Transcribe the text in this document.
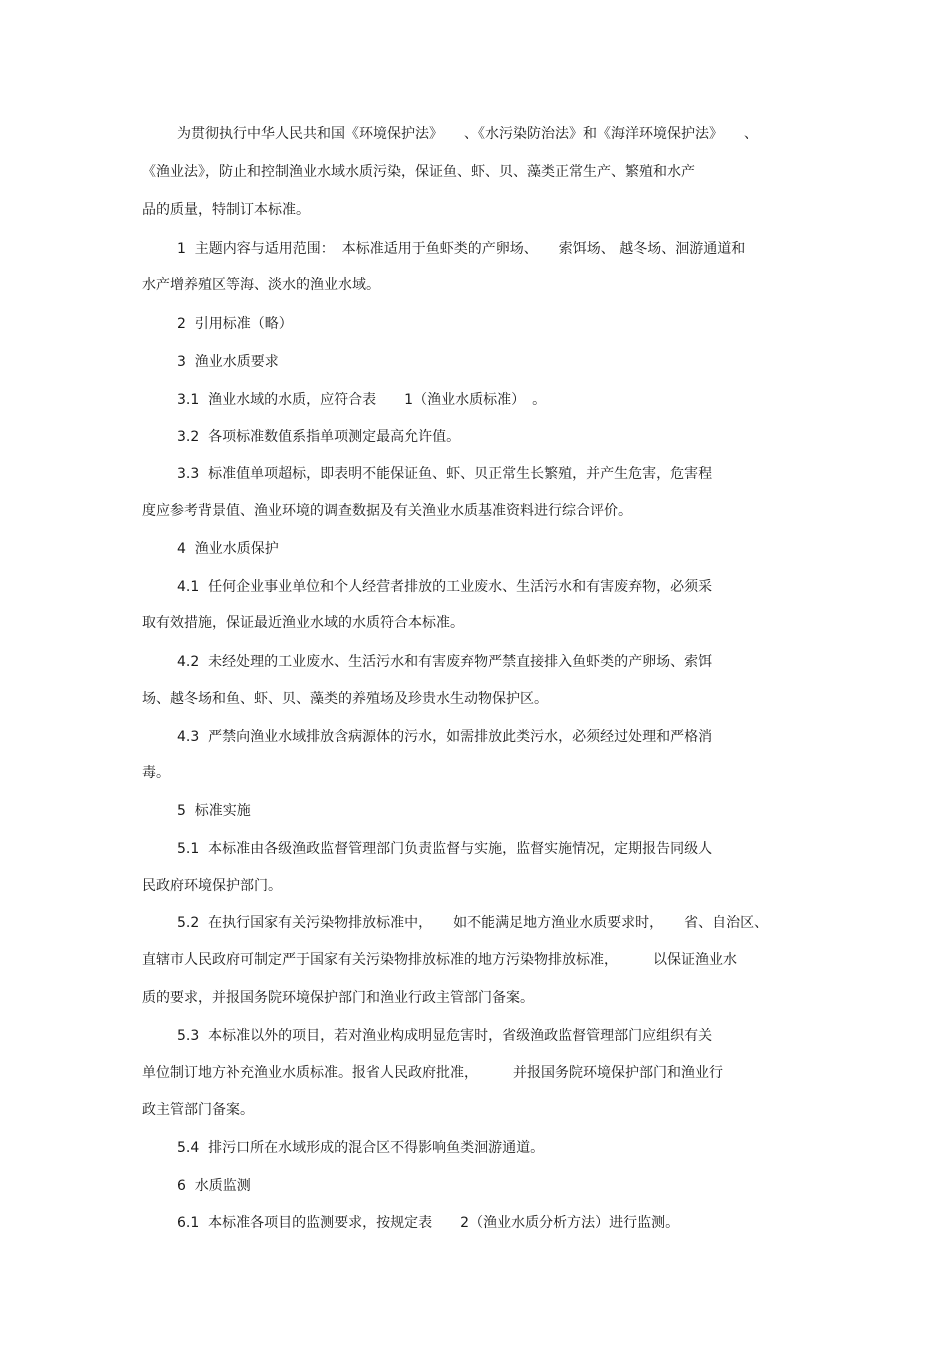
为贯彻执行中华人民共和国《环境保护法》　　、《水污染防治法》和《海洋环境保护法》　　、

《渔业法》，防止和控制渔业水域水质污染，保证鱼、虾、贝、藻类正常生产、繁殖和水产

品的质量，特制订本标准。

1  主题内容与适用范围：　本标准适用于鱼虾类的产卵场、　　索饵场、 越冬场、洄游通道和

水产增养殖区等海、淡水的渔业水域。

2  引用标准（略）

3  渔业水质要求

3.1  渔业水域的水质，应符合表　　1（渔业水质标准）　。

3.2  各项标准数值系指单项测定最高允许值。

3.3  标准值单项超标，即表明不能保证鱼、虾、贝正常生长繁殖，并产生危害，危害程

度应参考背景值、渔业环境的调查数据及有关渔业水质基准资料进行综合评价。

4  渔业水质保护

4.1  任何企业事业单位和个人经营者排放的工业废水、生活污水和有害废弃物，必须采

取有效措施，保证最近渔业水域的水质符合本标准。

4.2  未经处理的工业废水、生活污水和有害废弃物严禁直接排入鱼虾类的产卵场、索饵

场、越冬场和鱼、虾、贝、藻类的养殖场及珍贵水生动物保护区。

4.3  严禁向渔业水域排放含病源体的污水，如需排放此类污水，必须经过处理和严格消

毒。

5  标准实施

5.1  本标准由各级渔政监督管理部门负责监督与实施，监督实施情况，定期报告同级人

民政府环境保护部门。

5.2  在执行国家有关污染物排放标准中，　　如不能满足地方渔业水质要求时，　　省、自治区、

直辖市人民政府可制定严于国家有关污染物排放标准的地方污染物排放标准，　　　以保证渔业水

质的要求，并报国务院环境保护部门和渔业行政主管部门备案。

5.3  本标准以外的项目，若对渔业构成明显危害时，省级渔政监督管理部门应组织有关

单位制订地方补充渔业水质标准。报省人民政府批准，　　　并报国务院环境保护部门和渔业行

政主管部门备案。

5.4  排污口所在水域形成的混合区不得影响鱼类洄游通道。

6  水质监测

6.1  本标准各项目的监测要求，按规定表　　2（渔业水质分析方法）进行监测。
